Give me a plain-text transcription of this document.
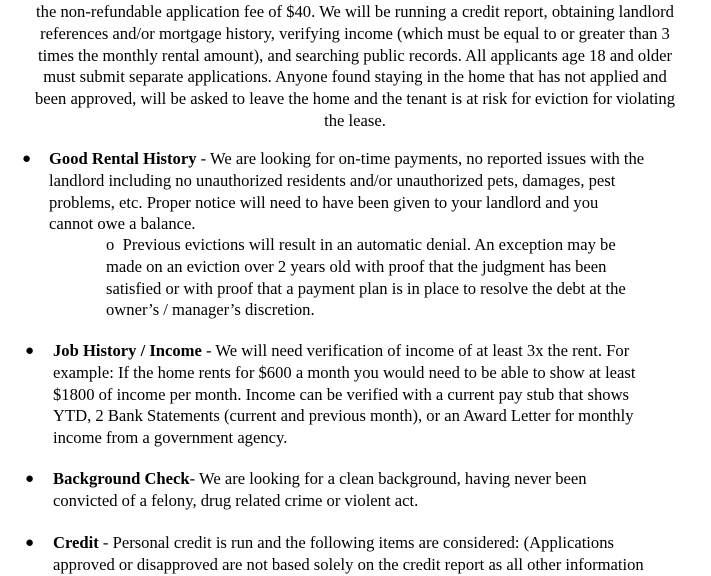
the non-refundable application fee of $40. We will be running a credit report, obtaining landlord
references and/or mortgage history, verifying income (which must be equal to or greater than 3
times the monthly rental amount), and searching public records. All applicants age 18 and older
must submit separate applications. Anyone found staying in the home that has not applied and
been approved, will be asked to leave the home and the tenant is at risk for eviction for violating
the lease.
● Good Rental History - We are looking for on-time payments, no reported issues with the
landlord including no unauthorized residents and/or unauthorized pets, damages, pest
problems, etc. Proper notice will need to have been given to your landlord and you
cannot owe a balance.
o Previous evictions will result in an automatic denial. An exception may be
made on an eviction over 2 years old with proof that the judgment has been
satisfied or with proof that a payment plan is in place to resolve the debt at the
owner’s / manager’s discretion.
● Job History / Income - We will need verification of income of at least 3x the rent. For
example: If the home rents for $600 a month you would need to be able to show at least
$1800 of income per month. Income can be verified with a current pay stub that shows
YTD, 2 Bank Statements (current and previous month), or an Award Letter for monthly
income from a government agency.
● Background Check- We are looking for a clean background, having never been
convicted of a felony, drug related crime or violent act.
● Credit - Personal credit is run and the following items are considered: (Applications
approved or disapproved are not based solely on the credit report as all other information
